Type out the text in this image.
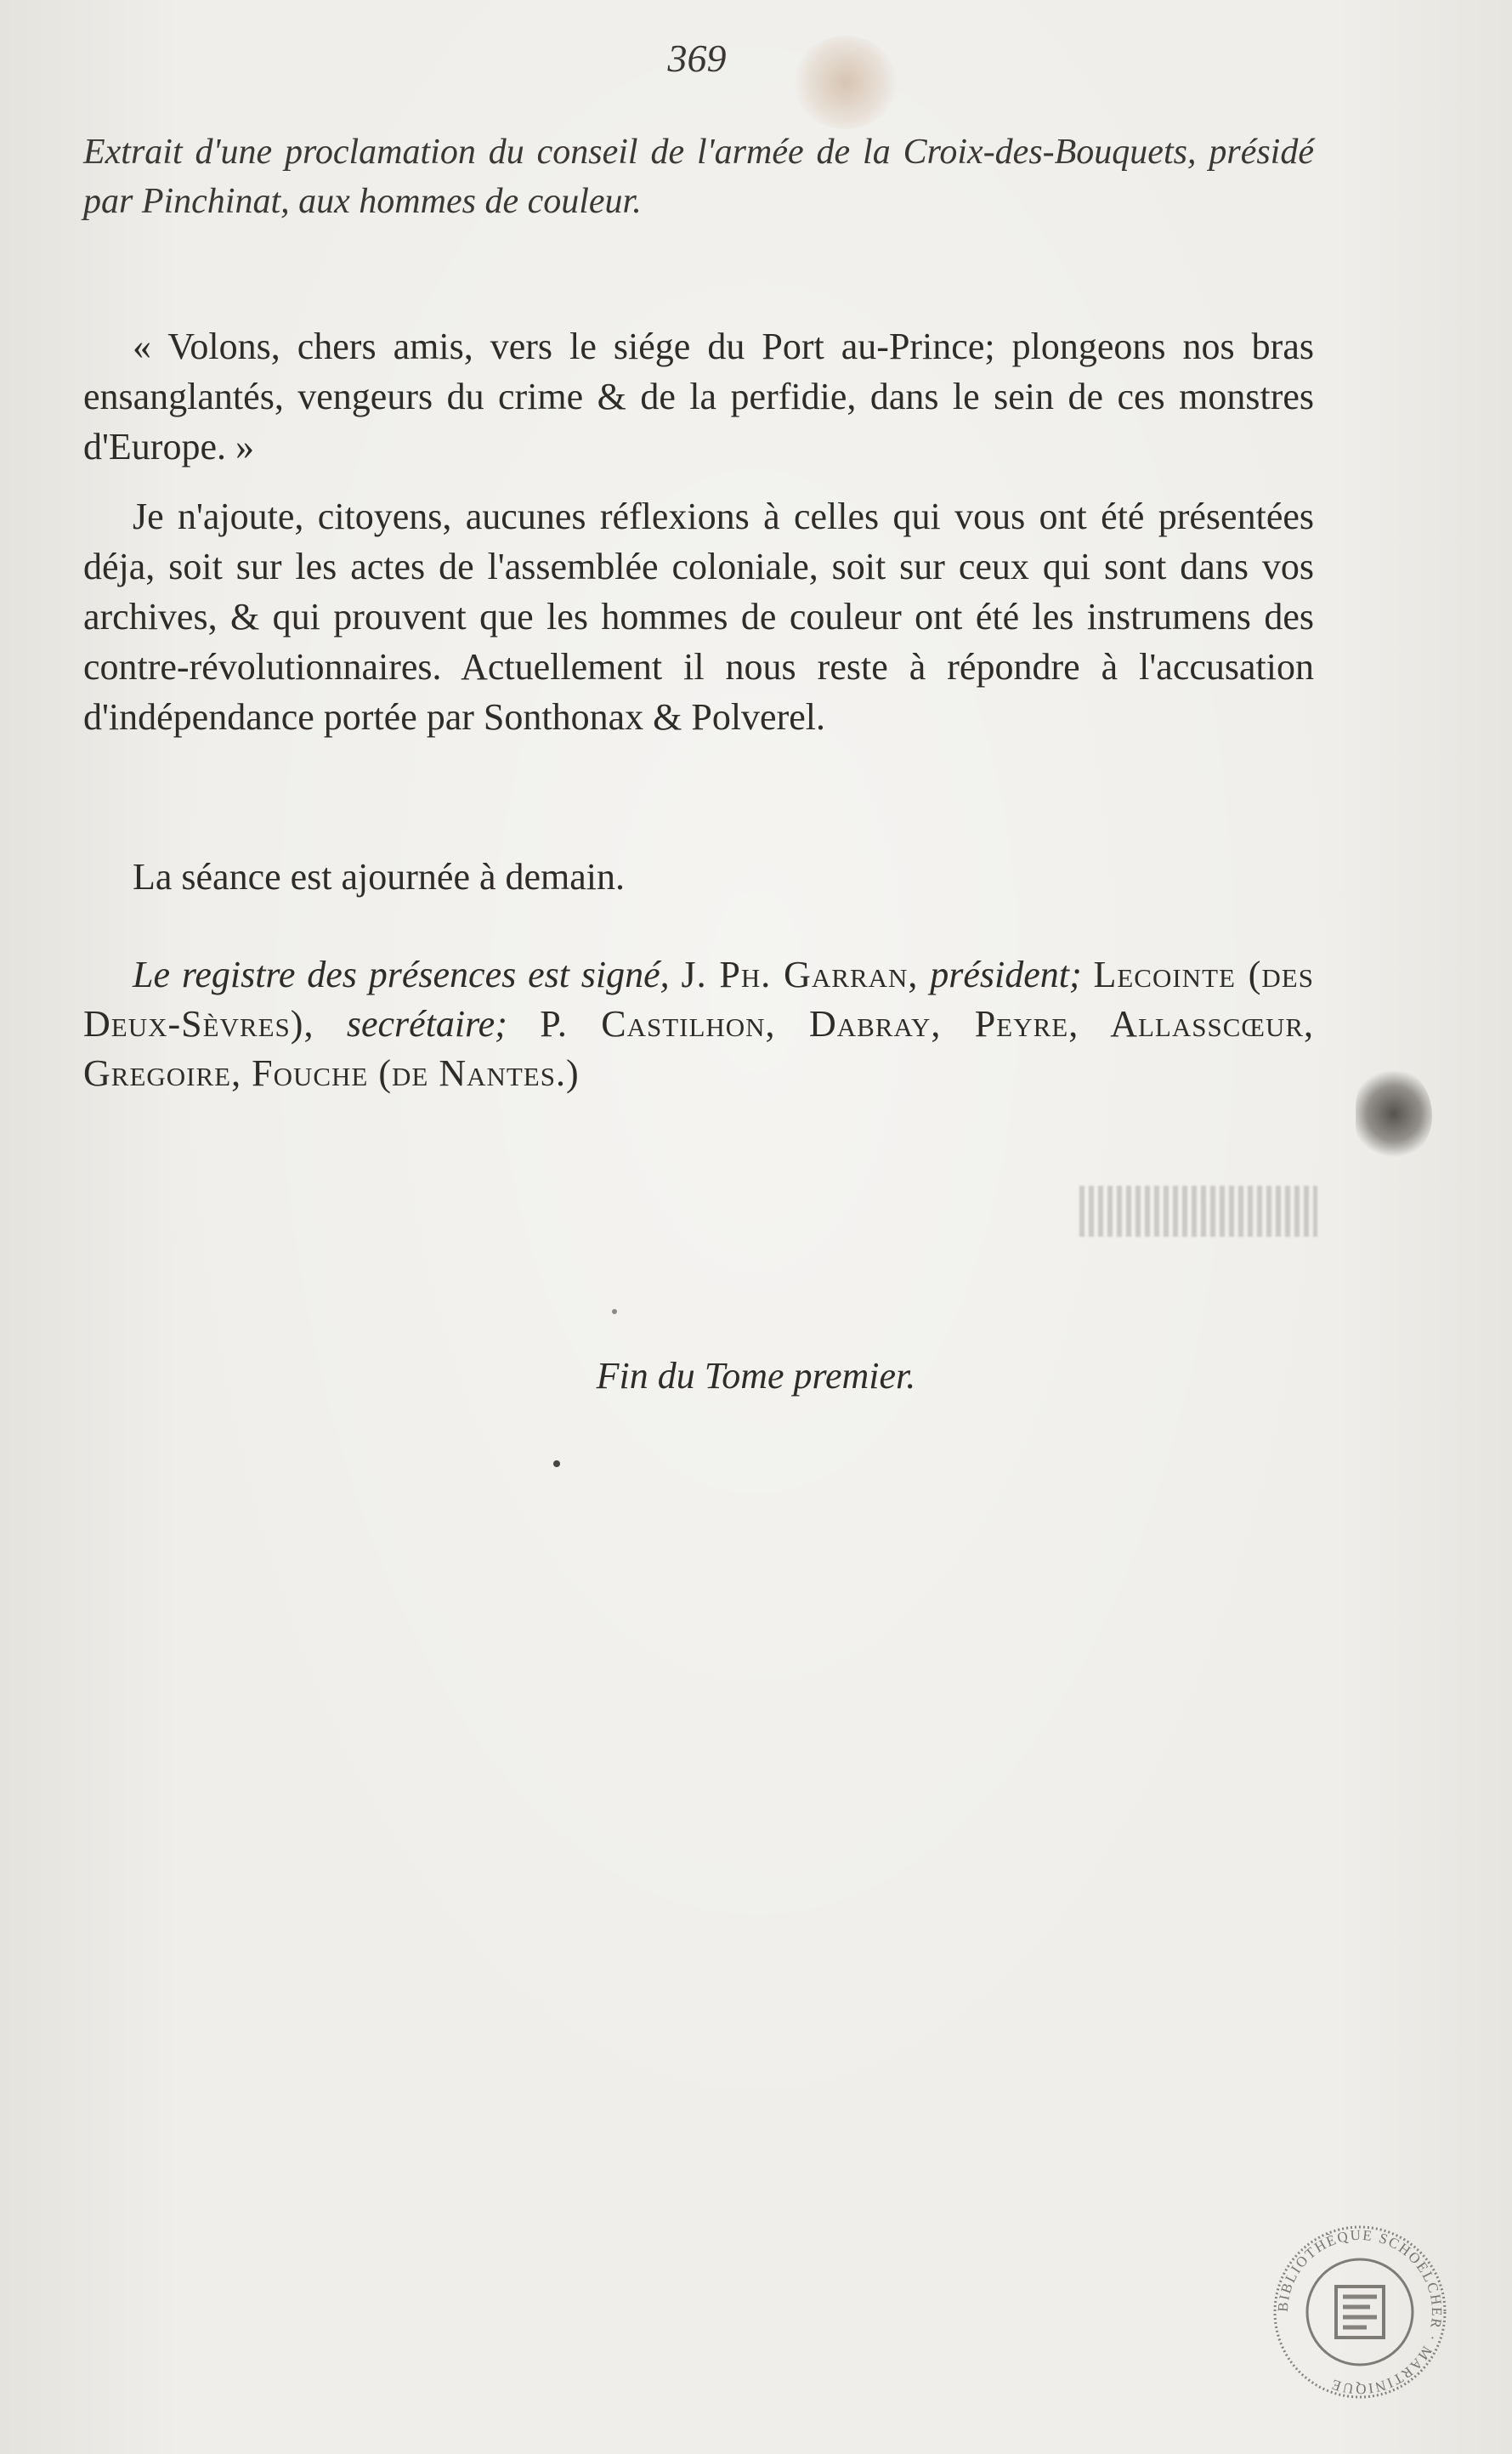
369
Extrait d'une proclamation du conseil de l'armée de la Croix-des-Bouquets, présidé par Pinchinat, aux hommes de couleur.

« Volons, chers amis, vers le siége du Port au-Prince; plongeons nos bras ensanglantés, vengeurs du crime & de la perfidie, dans le sein de ces monstres d'Europe. »

Je n'ajoute, citoyens, aucunes réflexions à celles qui vous ont été présentées déja, soit sur les actes de l'assemblée coloniale, soit sur ceux qui sont dans vos archives, & qui prouvent que les hommes de couleur ont été les instrumens des contre-révolutionnaires. Actuellement il nous reste à répondre à l'accusation d'indépendance portée par Sonthonax & Polverel.

La séance est ajournée à demain.

Le registre des présences est signé, J. Ph. Garran, président; Lecointe (des Deux-Sèvres), secrétaire; P. Castilhon, Dabray, Peyre, Allasscœur, Gregoire, Fouche (de Nantes.)
Fin du Tome premier.
BIBLIOTHÈQUE SCHOELCHER · MARTINIQUE
